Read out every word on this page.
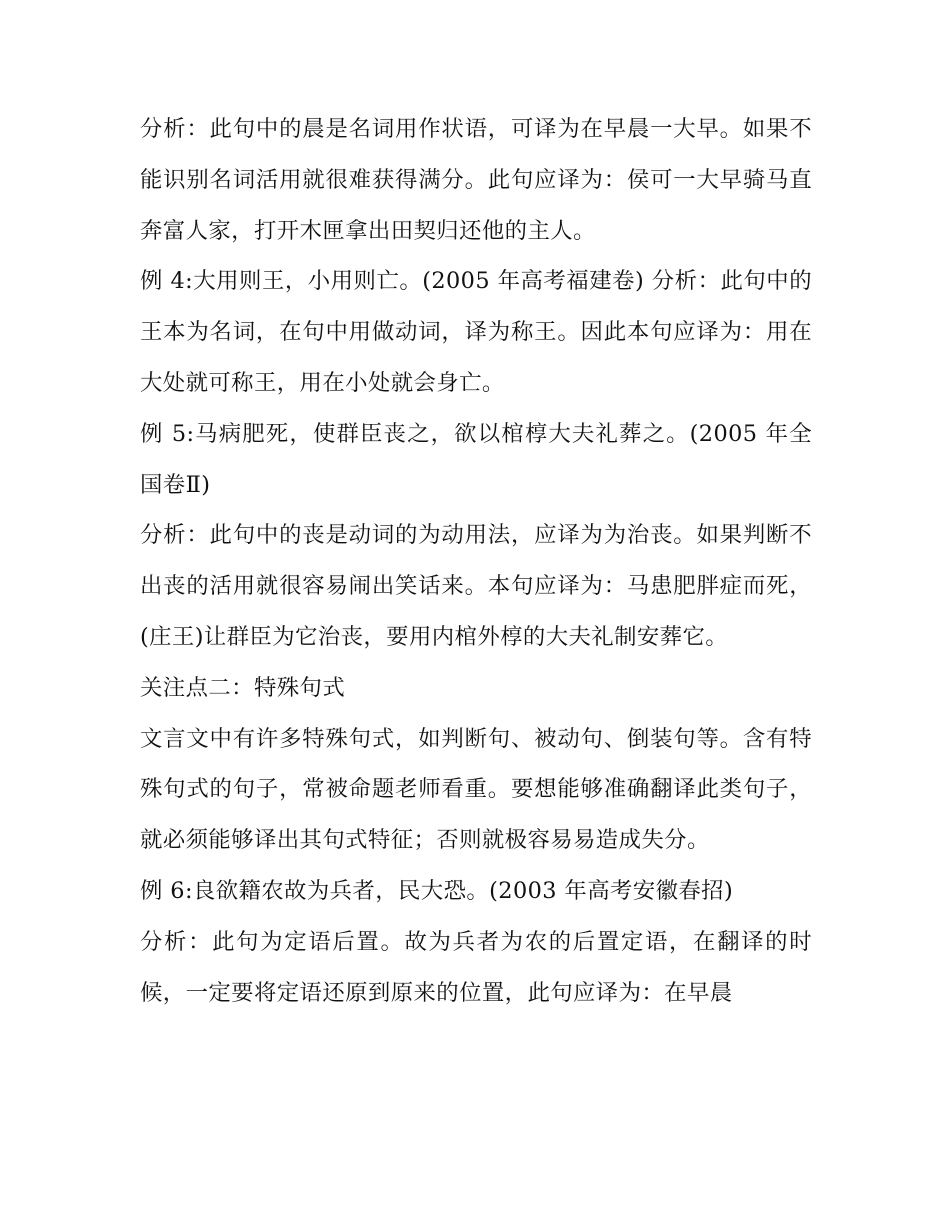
分析：此句中的晨是名词用作状语，可译为在早晨一大早。如果不能识别名词活用就很难获得满分。此句应译为：侯可一大早骑马直奔富人家，打开木匣拿出田契归还他的主人。

例 4:大用则王，小用则亡。(2005 年高考福建卷) 分析：此句中的王本为名词，在句中用做动词，译为称王。因此本句应译为：用在大处就可称王，用在小处就会身亡。

例 5:马病肥死，使群臣丧之，欲以棺椁大夫礼葬之。(2005 年全国卷Ⅱ)

分析：此句中的丧是动词的为动用法，应译为为治丧。如果判断不出丧的活用就很容易闹出笑话来。本句应译为：马患肥胖症而死，(庄王)让群臣为它治丧，要用内棺外椁的大夫礼制安葬它。

关注点二：特殊句式

文言文中有许多特殊句式，如判断句、被动句、倒装句等。含有特殊句式的句子，常被命题老师看重。要想能够准确翻译此类句子，就必须能够译出其句式特征；否则就极容易易造成失分。

例 6:良欲籍农故为兵者，民大恐。(2003 年高考安徽春招)

分析：此句为定语后置。故为兵者为农的后置定语，在翻译的时候，一定要将定语还原到原来的位置，此句应译为：在早晨
